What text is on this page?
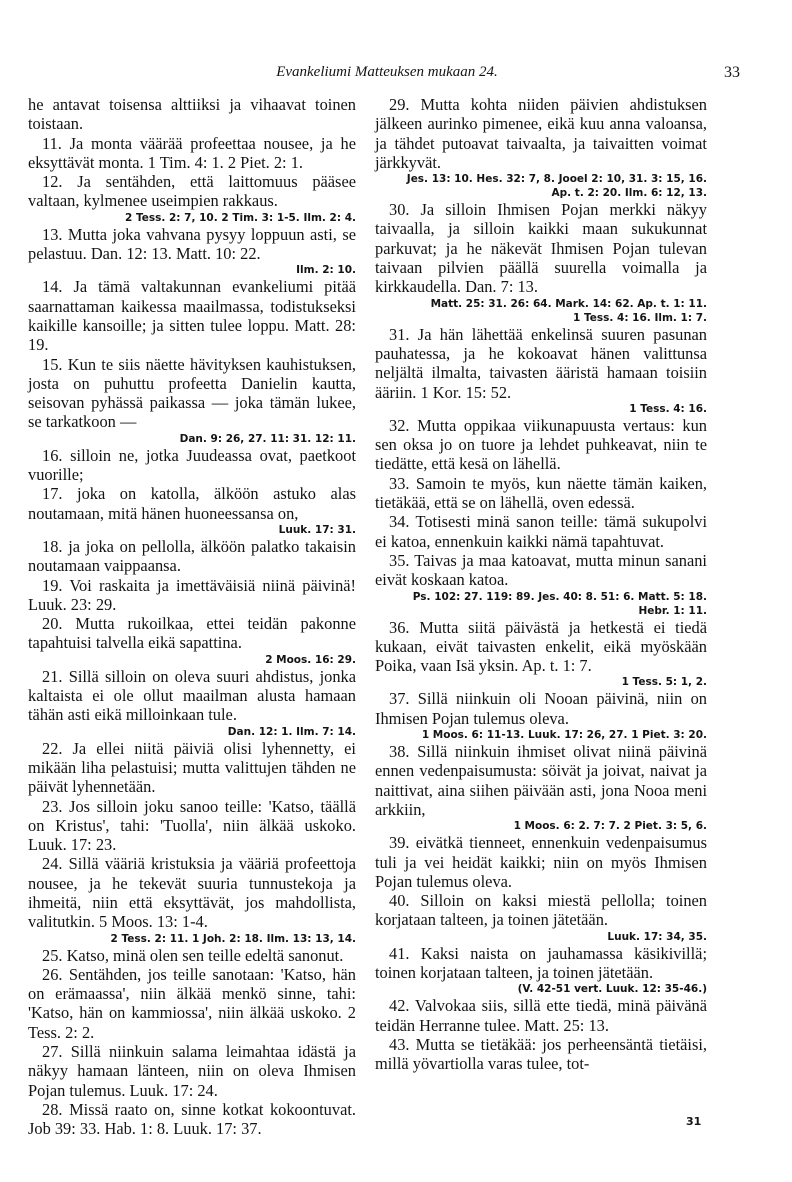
Evankeliumi Matteuksen mukaan 24.	33
he antavat toisensa alttiiksi ja vihaavat toinen toistaan.
11. Ja monta väärää profeettaa nousee, ja he eksyttävät monta. 1 Tim. 4: 1. 2 Piet. 2: 1.
12. Ja sentähden, että laittomuus pääsee valtaan, kylmenee useimpien rakkaus.
2 Tess. 2: 7, 10. 2 Tim. 3: 1-5. Ilm. 2: 4.
13. Mutta joka vahvana pysyy loppuun asti, se pelastuu. Dan. 12: 13. Matt. 10: 22.
Ilm. 2: 10.
14. Ja tämä valtakunnan evankeliumi pitää saarnattaman kaikessa maailmassa, todistukseksi kaikille kansoille; ja sitten tulee loppu. Matt. 28: 19.
15. Kun te siis näette hävityksen kauhistuksen, josta on puhuttu profeetta Danielin kautta, seisovan pyhässä paikassa — joka tämän lukee, se tarkatkoon —
Dan. 9: 26, 27. 11: 31. 12: 11.
16. silloin ne, jotka Juudeassa ovat, paetkoot vuorille;
17. joka on katolla, älköön astuko alas noutamaan, mitä hänen huoneessansa on,
Luuk. 17: 31.
18. ja joka on pellolla, älköön palatko takaisin noutamaan vaippaansa.
19. Voi raskaita ja imettäväisiä niinä päivinä! Luuk. 23: 29.
20. Mutta rukoilkaa, ettei teidän pakonne tapahtuisi talvella eikä sapattina.
2 Moos. 16: 29.
21. Sillä silloin on oleva suuri ahdistus, jonka kaltaista ei ole ollut maailman alusta hamaan tähän asti eikä milloinkaan tule.
Dan. 12: 1. Ilm. 7: 14.
22. Ja ellei niitä päiviä olisi lyhennetty, ei mikään liha pelastuisi; mutta valittujen tähden ne päivät lyhennetään.
23. Jos silloin joku sanoo teille: 'Katso, täällä on Kristus', tahi: 'Tuolla', niin älkää uskoko. Luuk. 17: 23.
24. Sillä vääriä kristuksia ja vääriä profeettoja nousee, ja he tekevät suuria tunnustekoja ja ihmeitä, niin että eksyttävät, jos mahdollista, valitutkin. 5 Moos. 13: 1-4.
2 Tess. 2: 11. 1 Joh. 2: 18. Ilm. 13: 13, 14.
25. Katso, minä olen sen teille edeltä sanonut.
26. Sentähden, jos teille sanotaan: 'Katso, hän on erämaassa', niin älkää menkö sinne, tahi: 'Katso, hän on kammiossa', niin älkää uskoko. 2 Tess. 2: 2.
27. Sillä niinkuin salama leimahtaa idästä ja näkyy hamaan länteen, niin on oleva Ihmisen Pojan tulemus. Luuk. 17: 24.
28. Missä raato on, sinne kotkat kokoontuvat. Job 39: 33. Hab. 1: 8. Luuk. 17: 37.
29. Mutta kohta niiden päivien ahdistuksen jälkeen aurinko pimenee, eikä kuu anna valoansa, ja tähdet putoavat taivaalta, ja taivaitten voimat järkkyvät.
Jes. 13: 10. Hes. 32: 7, 8. Jooel 2: 10, 31. 3: 15, 16.
Ap. t. 2: 20. Ilm. 6: 12, 13.
30. Ja silloin Ihmisen Pojan merkki näkyy taivaalla, ja silloin kaikki maan sukukunnat parkuvat; ja he näkevät Ihmisen Pojan tulevan taivaan pilvien päällä suurella voimalla ja kirkkaudella. Dan. 7: 13.
Matt. 25: 31. 26: 64. Mark. 14: 62. Ap. t. 1: 11.
1 Tess. 4: 16. Ilm. 1: 7.
31. Ja hän lähettää enkelinsä suuren pasunan pauhatessa, ja he kokoavat hänen valittunsa neljältä ilmalta, taivasten ääristä hamaan toisiin ääriin. 1 Kor. 15: 52.
1 Tess. 4: 16.
32. Mutta oppikaa viikunapuusta vertaus: kun sen oksa jo on tuore ja lehdet puhkeavat, niin te tiedätte, että kesä on lähellä.
33. Samoin te myös, kun näette tämän kaiken, tietäkää, että se on lähellä, oven edessä.
34. Totisesti minä sanon teille: tämä sukupolvi ei katoa, ennenkuin kaikki nämä tapahtuvat.
35. Taivas ja maa katoavat, mutta minun sanani eivät koskaan katoa.
Ps. 102: 27. 119: 89. Jes. 40: 8. 51: 6. Matt. 5: 18.
Hebr. 1: 11.
36. Mutta siitä päivästä ja hetkestä ei tiedä kukaan, eivät taivasten enkelit, eikä myöskään Poika, vaan Isä yksin. Ap. t. 1: 7.
1 Tess. 5: 1, 2.
37. Sillä niinkuin oli Nooan päivinä, niin on Ihmisen Pojan tulemus oleva.
1 Moos. 6: 11-13. Luuk. 17: 26, 27. 1 Piet. 3: 20.
38. Sillä niinkuin ihmiset olivat niinä päivinä ennen vedenpaisumusta: söivät ja joivat, naivat ja naittivat, aina siihen päivään asti, jona Nooa meni arkkiin,
1 Moos. 6: 2. 7: 7. 2 Piet. 3: 5, 6.
39. eivätkä tienneet, ennenkuin vedenpaisumus tuli ja vei heidät kaikki; niin on myös Ihmisen Pojan tulemus oleva.
40. Silloin on kaksi miestä pellolla; toinen korjataan talteen, ja toinen jätetään.
Luuk. 17: 34, 35.
41. Kaksi naista on jauhamassa käsikivillä; toinen korjataan talteen, ja toinen jätetään.
(V. 42-51 vert. Luuk. 12: 35-46.)
42. Valvokaa siis, sillä ette tiedä, minä päivänä teidän Herranne tulee. Matt. 25: 13.
43. Mutta se tietäkää: jos perheensäntä tietäisi, millä yövartiolla varas tulee, tot-
31
